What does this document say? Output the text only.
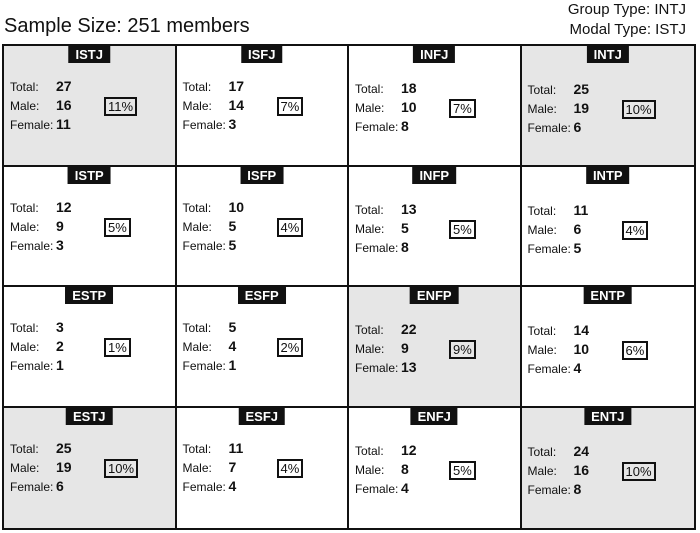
Sample Size: 251 members
Group Type: INTJ
Modal Type: ISTJ
ISTJ
Total: 27
Male: 16
Female: 11
11%
ISFJ
Total: 17
Male: 14
Female: 3
7%
INFJ
Total: 18
Male: 10
Female: 8
7%
INTJ
Total: 25
Male: 19
Female: 6
10%
ISTP
Total: 12
Male: 9
Female: 3
5%
ISFP
Total: 10
Male: 5
Female: 5
4%
INFP
Total: 13
Male: 5
Female: 8
5%
INTP
Total: 11
Male: 6
Female: 5
4%
ESTP
Total: 3
Male: 2
Female: 1
1%
ESFP
Total: 5
Male: 4
Female: 1
2%
ENFP
Total: 22
Male: 9
Female: 13
9%
ENTP
Total: 14
Male: 10
Female: 4
6%
ESTJ
Total: 25
Male: 19
Female: 6
10%
ESFJ
Total: 11
Male: 7
Female: 4
4%
ENFJ
Total: 12
Male: 8
Female: 4
5%
ENTJ
Total: 24
Male: 16
Female: 8
10%
